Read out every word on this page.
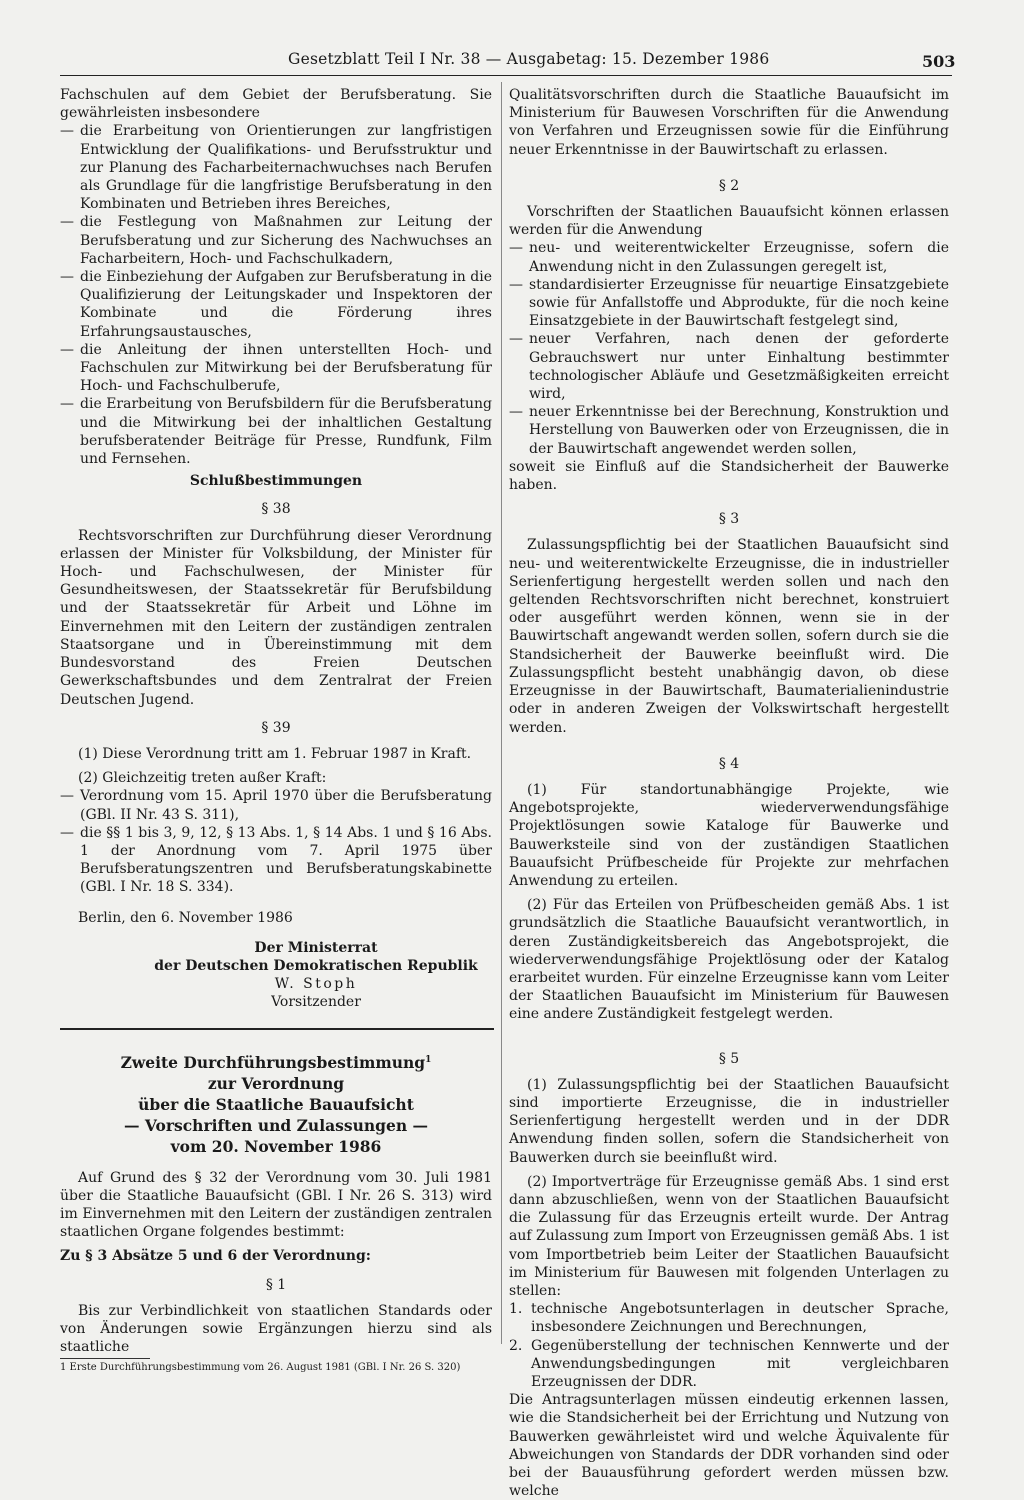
Gesetzblatt Teil I Nr. 38 — Ausgabetag: 15. Dezember 1986	503

Fachschulen auf dem Gebiet der Berufsberatung. Sie gewährleisten insbesondere

— die Erarbeitung von Orientierungen zur langfristigen Entwicklung der Qualifikations- und Berufsstruktur und zur Planung des Facharbeiternachwuchses nach Berufen als Grundlage für die langfristige Berufsberatung in den Kombinaten und Betrieben ihres Bereiches,
— die Festlegung von Maßnahmen zur Leitung der Berufsberatung und zur Sicherung des Nachwuchses an Facharbeitern, Hoch- und Fachschulkadern,
— die Einbeziehung der Aufgaben zur Berufsberatung in die Qualifizierung der Leitungskader und Inspektoren der Kombinate und die Förderung ihres Erfahrungsaustausches,
— die Anleitung der ihnen unterstellten Hoch- und Fachschulen zur Mitwirkung bei der Berufsberatung für Hoch- und Fachschulberufe,
— die Erarbeitung von Berufsbildern für die Berufsberatung und die Mitwirkung bei der inhaltlichen Gestaltung berufsberatender Beiträge für Presse, Rundfunk, Film und Fernsehen.

Schlußbestimmungen

§ 38

Rechtsvorschriften zur Durchführung dieser Verordnung erlassen der Minister für Volksbildung, der Minister für Hoch- und Fachschulwesen, der Minister für Gesundheitswesen, der Staatssekretär für Berufsbildung und der Staatssekretär für Arbeit und Löhne im Einvernehmen mit den Leitern der zuständigen zentralen Staatsorgane und in Übereinstimmung mit dem Bundesvorstand des Freien Deutschen Gewerkschaftsbundes und dem Zentralrat der Freien Deutschen Jugend.

§ 39

(1) Diese Verordnung tritt am 1. Februar 1987 in Kraft.

(2) Gleichzeitig treten außer Kraft:

— Verordnung vom 15. April 1970 über die Berufsberatung (GBl. II Nr. 43 S. 311),
— die §§ 1 bis 3, 9, 12, § 13 Abs. 1, § 14 Abs. 1 und § 16 Abs. 1 der Anordnung vom 7. April 1975 über Berufsberatungszentren und Berufsberatungskabinette (GBl. I Nr. 18 S. 334).

Berlin, den 6. November 1986

Der Ministerrat

der Deutschen Demokratischen Republik

W. Stoph

Vorsitzender

Zweite Durchführungsbestimmung$^1$

zur Verordnung

über die Staatliche Bauaufsicht

— Vorschriften und Zulassungen —

vom 20. November 1986

Auf Grund des § 32 der Verordnung vom 30. Juli 1981 über die Staatliche Bauaufsicht (GBl. I Nr. 26 S. 313) wird im Einvernehmen mit den Leitern der zuständigen zentralen staatlichen Organe folgendes bestimmt:

Zu § 3 Absätze 5 und 6 der Verordnung:

§ 1

Bis zur Verbindlichkeit von staatlichen Standards oder von Änderungen sowie Ergänzungen hierzu sind als staatliche

1 Erste Durchführungsbestimmung vom 26. August 1981 (GBl. I Nr. 26 S. 320)

Qualitätsvorschriften durch die Staatliche Bauaufsicht im Ministerium für Bauwesen Vorschriften für die Anwendung von Verfahren und Erzeugnissen sowie für die Einführung neuer Erkenntnisse in der Bauwirtschaft zu erlassen.

§ 2

Vorschriften der Staatlichen Bauaufsicht können erlassen werden für die Anwendung

— neu- und weiterentwickelter Erzeugnisse, sofern die Anwendung nicht in den Zulassungen geregelt ist,
— standardisierter Erzeugnisse für neuartige Einsatzgebiete sowie für Anfallstoffe und Abprodukte, für die noch keine Einsatzgebiete in der Bauwirtschaft festgelegt sind,
— neuer Verfahren, nach denen der geforderte Gebrauchswert nur unter Einhaltung bestimmter technologischer Abläufe und Gesetzmäßigkeiten erreicht wird,
— neuer Erkenntnisse bei der Berechnung, Konstruktion und Herstellung von Bauwerken oder von Erzeugnissen, die in der Bauwirtschaft angewendet werden sollen,

soweit sie Einfluß auf die Standsicherheit der Bauwerke haben.

§ 3

Zulassungspflichtig bei der Staatlichen Bauaufsicht sind neu- und weiterentwickelte Erzeugnisse, die in industrieller Serienfertigung hergestellt werden sollen und nach den geltenden Rechtsvorschriften nicht berechnet, konstruiert oder ausgeführt werden können, wenn sie in der Bauwirtschaft angewandt werden sollen, sofern durch sie die Standsicherheit der Bauwerke beeinflußt wird. Die Zulassungspflicht besteht unabhängig davon, ob diese Erzeugnisse in der Bauwirtschaft, Baumaterialienindustrie oder in anderen Zweigen der Volkswirtschaft hergestellt werden.

§ 4

(1) Für standortunabhängige Projekte, wie Angebotsprojekte, wiederverwendungsfähige Projektlösungen sowie Kataloge für Bauwerke und Bauwerksteile sind von der zuständigen Staatlichen Bauaufsicht Prüfbescheide für Projekte zur mehrfachen Anwendung zu erteilen.

(2) Für das Erteilen von Prüfbescheiden gemäß Abs. 1 ist grundsätzlich die Staatliche Bauaufsicht verantwortlich, in deren Zuständigkeitsbereich das Angebotsprojekt, die wiederverwendungsfähige Projektlösung oder der Katalog erarbeitet wurden. Für einzelne Erzeugnisse kann vom Leiter der Staatlichen Bauaufsicht im Ministerium für Bauwesen eine andere Zuständigkeit festgelegt werden.

§ 5

(1) Zulassungspflichtig bei der Staatlichen Bauaufsicht sind importierte Erzeugnisse, die in industrieller Serienfertigung hergestellt werden und in der DDR Anwendung finden sollen, sofern die Standsicherheit von Bauwerken durch sie beeinflußt wird.

(2) Importverträge für Erzeugnisse gemäß Abs. 1 sind erst dann abzuschließen, wenn von der Staatlichen Bauaufsicht die Zulassung für das Erzeugnis erteilt wurde. Der Antrag auf Zulassung zum Import von Erzeugnissen gemäß Abs. 1 ist vom Importbetrieb beim Leiter der Staatlichen Bauaufsicht im Ministerium für Bauwesen mit folgenden Unterlagen zu stellen:

1. technische Angebotsunterlagen in deutscher Sprache, insbesondere Zeichnungen und Berechnungen,
2. Gegenüberstellung der technischen Kennwerte und der Anwendungsbedingungen mit vergleichbaren Erzeugnissen der DDR.

Die Antragsunterlagen müssen eindeutig erkennen lassen, wie die Standsicherheit bei der Errichtung und Nutzung von Bauwerken gewährleistet wird und welche Äquivalente für Abweichungen von Standards der DDR vorhanden sind oder bei der Bauausführung gefordert werden müssen bzw. welche
